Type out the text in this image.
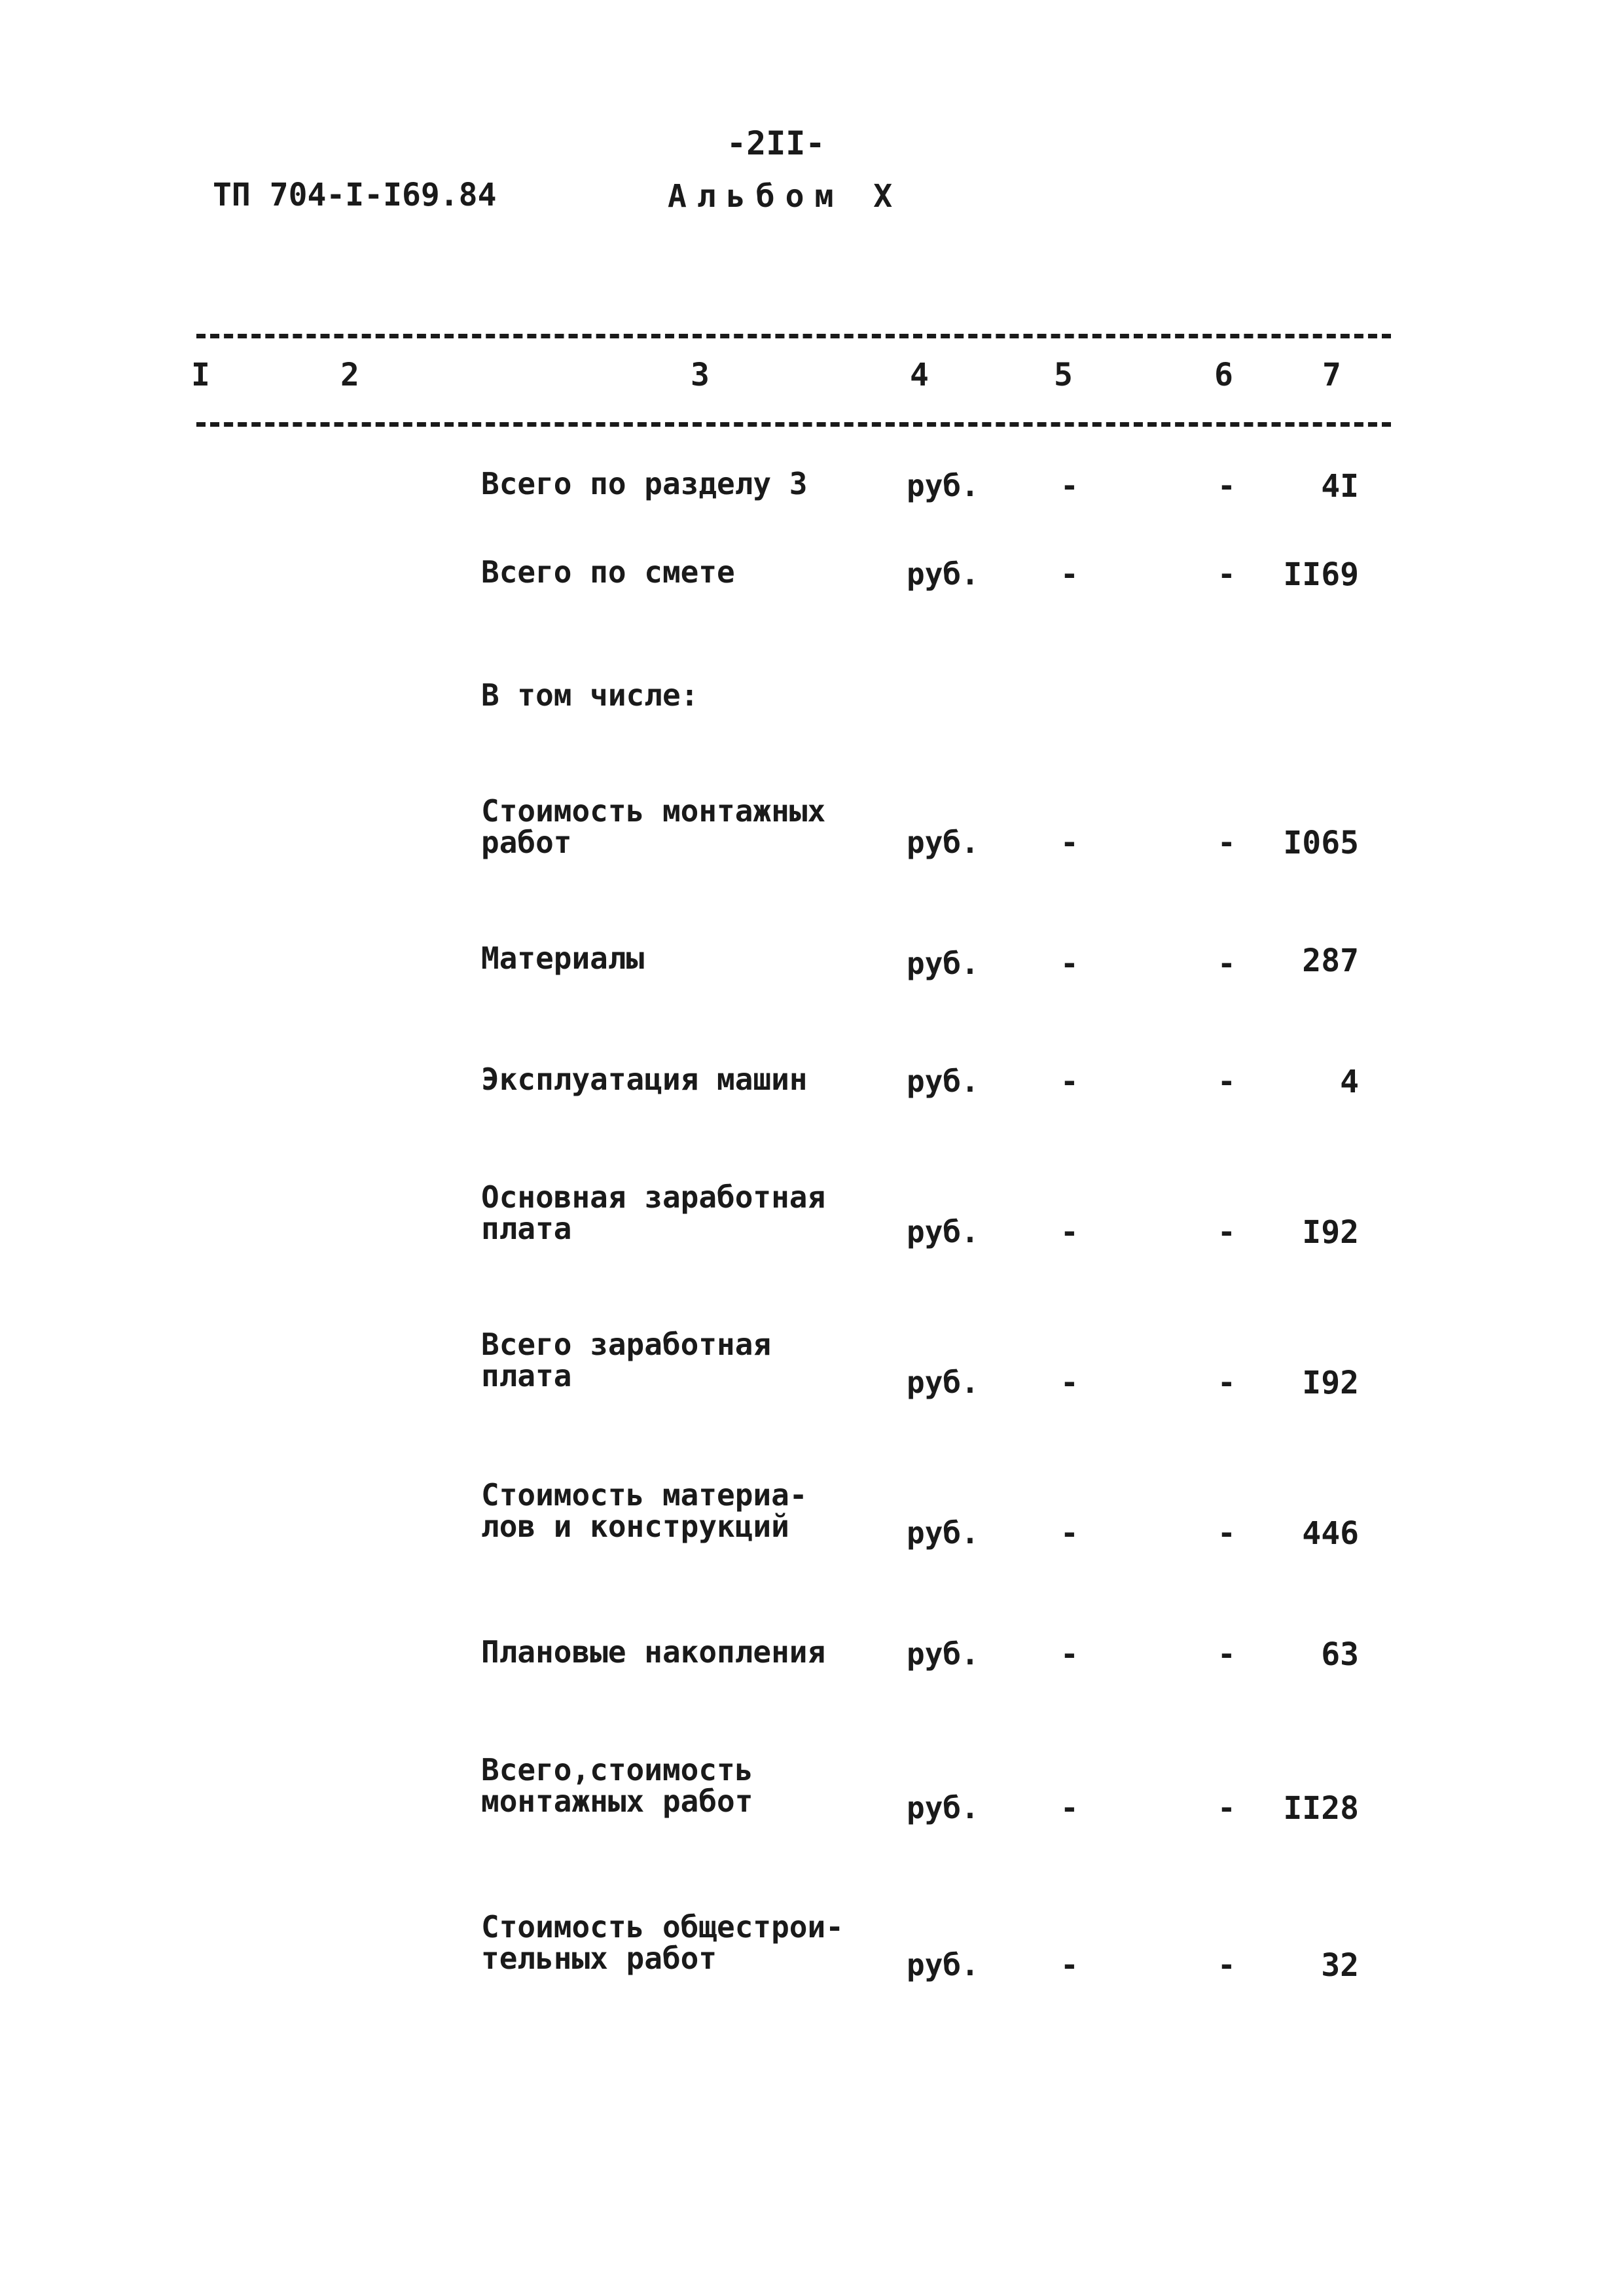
-2II-
ТП 704-I-I69.84	Альбом X
I	2	3	4	5	6	7
Всего по разделу 3	руб.	-	-	4I
Всего по смете	руб.	-	- II69
В том числе:
Стоимость монтажных
работ	руб.	-	- I065
Материалы	руб.	-	- 287
Эксплуатация машин	руб.	-	-	4
Основная заработная
плата	руб.	-	- I92
Всего заработная
плата	руб.	-	- I92
Стоимость материа-
лов и конструкций	руб.	-	- 446
Плановые накопления	руб.	-	-	63
Всего,стоимость
монтажных работ	руб.	-	- II28
Стоимость общестрои-
тельных работ	руб.	-	-	32
